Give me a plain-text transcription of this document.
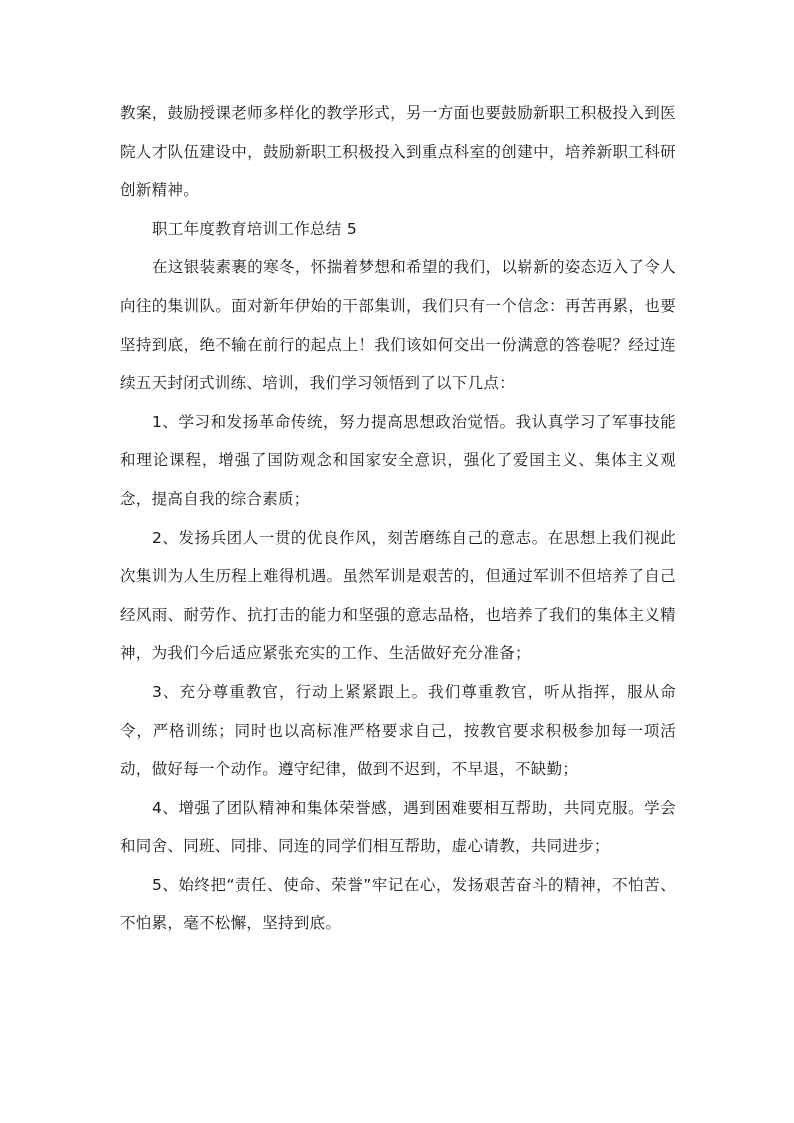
教案，鼓励授课老师多样化的教学形式，另一方面也要鼓励新职工积极投入到医院人才队伍建设中，鼓励新职工积极投入到重点科室的创建中，培养新职工科研创新精神。

职工年度教育培训工作总结 5

在这银装素裹的寒冬，怀揣着梦想和希望的我们，以崭新的姿态迈入了令人向往的集训队。面对新年伊始的干部集训，我们只有一个信念：再苦再累，也要坚持到底，绝不输在前行的起点上！我们该如何交出一份满意的答卷呢？经过连续五天封闭式训练、培训，我们学习领悟到了以下几点：

1、学习和发扬革命传统，努力提高思想政治觉悟。我认真学习了军事技能和理论课程，增强了国防观念和国家安全意识，强化了爱国主义、集体主义观念，提高自我的综合素质；

2、发扬兵团人一贯的优良作风，刻苦磨练自己的意志。在思想上我们视此次集训为人生历程上难得机遇。虽然军训是艰苦的，但通过军训不但培养了自己经风雨、耐劳作、抗打击的能力和坚强的意志品格，也培养了我们的集体主义精神，为我们今后适应紧张充实的工作、生活做好充分准备；

3、充分尊重教官，行动上紧紧跟上。我们尊重教官，听从指挥，服从命令，严格训练；同时也以高标准严格要求自己，按教官要求积极参加每一项活动，做好每一个动作。遵守纪律，做到不迟到，不早退，不缺勤；

4、增强了团队精神和集体荣誉感，遇到困难要相互帮助，共同克服。学会和同舍、同班、同排、同连的同学们相互帮助，虚心请教，共同进步；

5、始终把“责任、使命、荣誉”牢记在心，发扬艰苦奋斗的精神，不怕苦、不怕累，毫不松懈，坚持到底。
